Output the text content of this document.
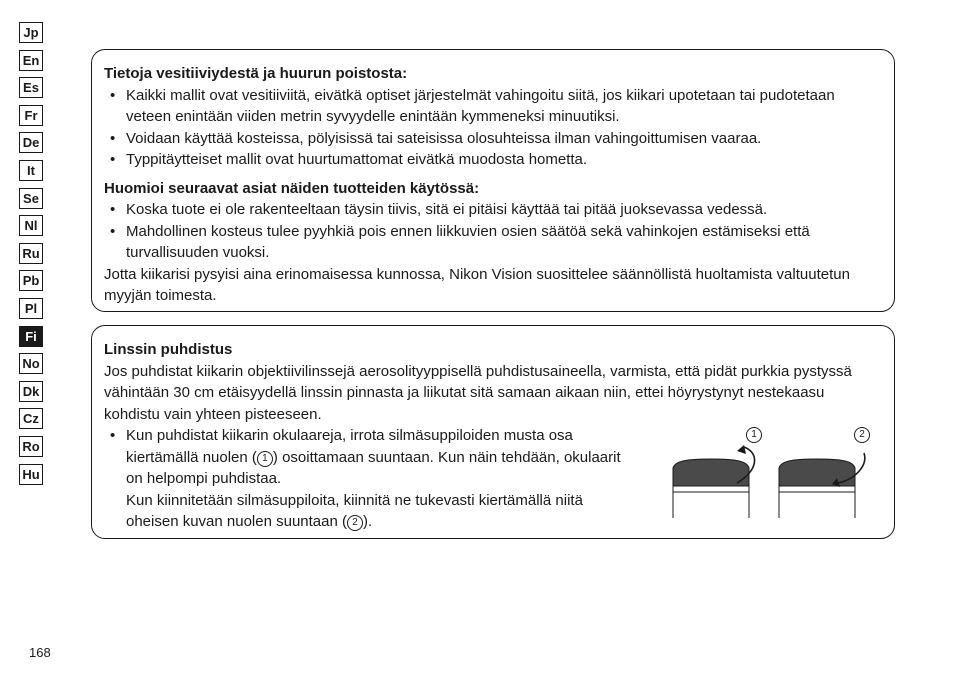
Jp
En
Es
Fr
De
It
Se
Nl
Ru
Pb
Pl
Fi
No
Dk
Cz
Ro
Hu
Tietoja vesitiiviydestä ja huurun poistosta:
• Kaikki mallit ovat vesitiiviitä, eivätkä optiset järjestelmät vahingoitu siitä, jos kiikari upotetaan tai pudotetaan veteen enintään viiden metrin syvyydelle enintään kymmeneksi minuutiksi.
• Voidaan käyttää kosteissa, pölyisissä tai sateisissa olosuhteissa ilman vahingoittumisen vaaraa.
• Typpitäytteiset mallit ovat huurtumattomat eivätkä muodosta hometta.
Huomioi seuraavat asiat näiden tuotteiden käytössä:
• Koska tuote ei ole rakenteeltaan täysin tiivis, sitä ei pitäisi käyttää tai pitää juoksevassa vedessä.
• Mahdollinen kosteus tulee pyyhkiä pois ennen liikkuvien osien säätöä sekä vahinkojen estämiseksi että turvallisuuden vuoksi.
Jotta kiikarisi pysyisi aina erinomaisessa kunnossa, Nikon Vision suosittelee säännöllistä huoltamista valtuutetun myyjän toimesta.
Linssin puhdistus
Jos puhdistat kiikarin objektiivilinssejä aerosolityyppisellä puhdistusaineella, varmista, että pidät purkkia pystyssä vähintään 30 cm etäisyydellä linssin pinnasta ja liikutat sitä samaan aikaan niin, ettei höyrystynyt nestekaasu kohdistu vain yhteen pisteeseen.
• Kun puhdistat kiikarin okulaareja, irrota silmäsuppiloiden musta osa kiertämällä nuolen ( 1 ) osoittamaan suuntaan. Kun näin tehdään, okulaarit on helpompi puhdistaa.
Kun kiinnitetään silmäsuppiloita, kiinnitä ne tukevasti kiertämällä niitä oheisen kuvan nuolen suuntaan ( 2 ).
1	2
168
